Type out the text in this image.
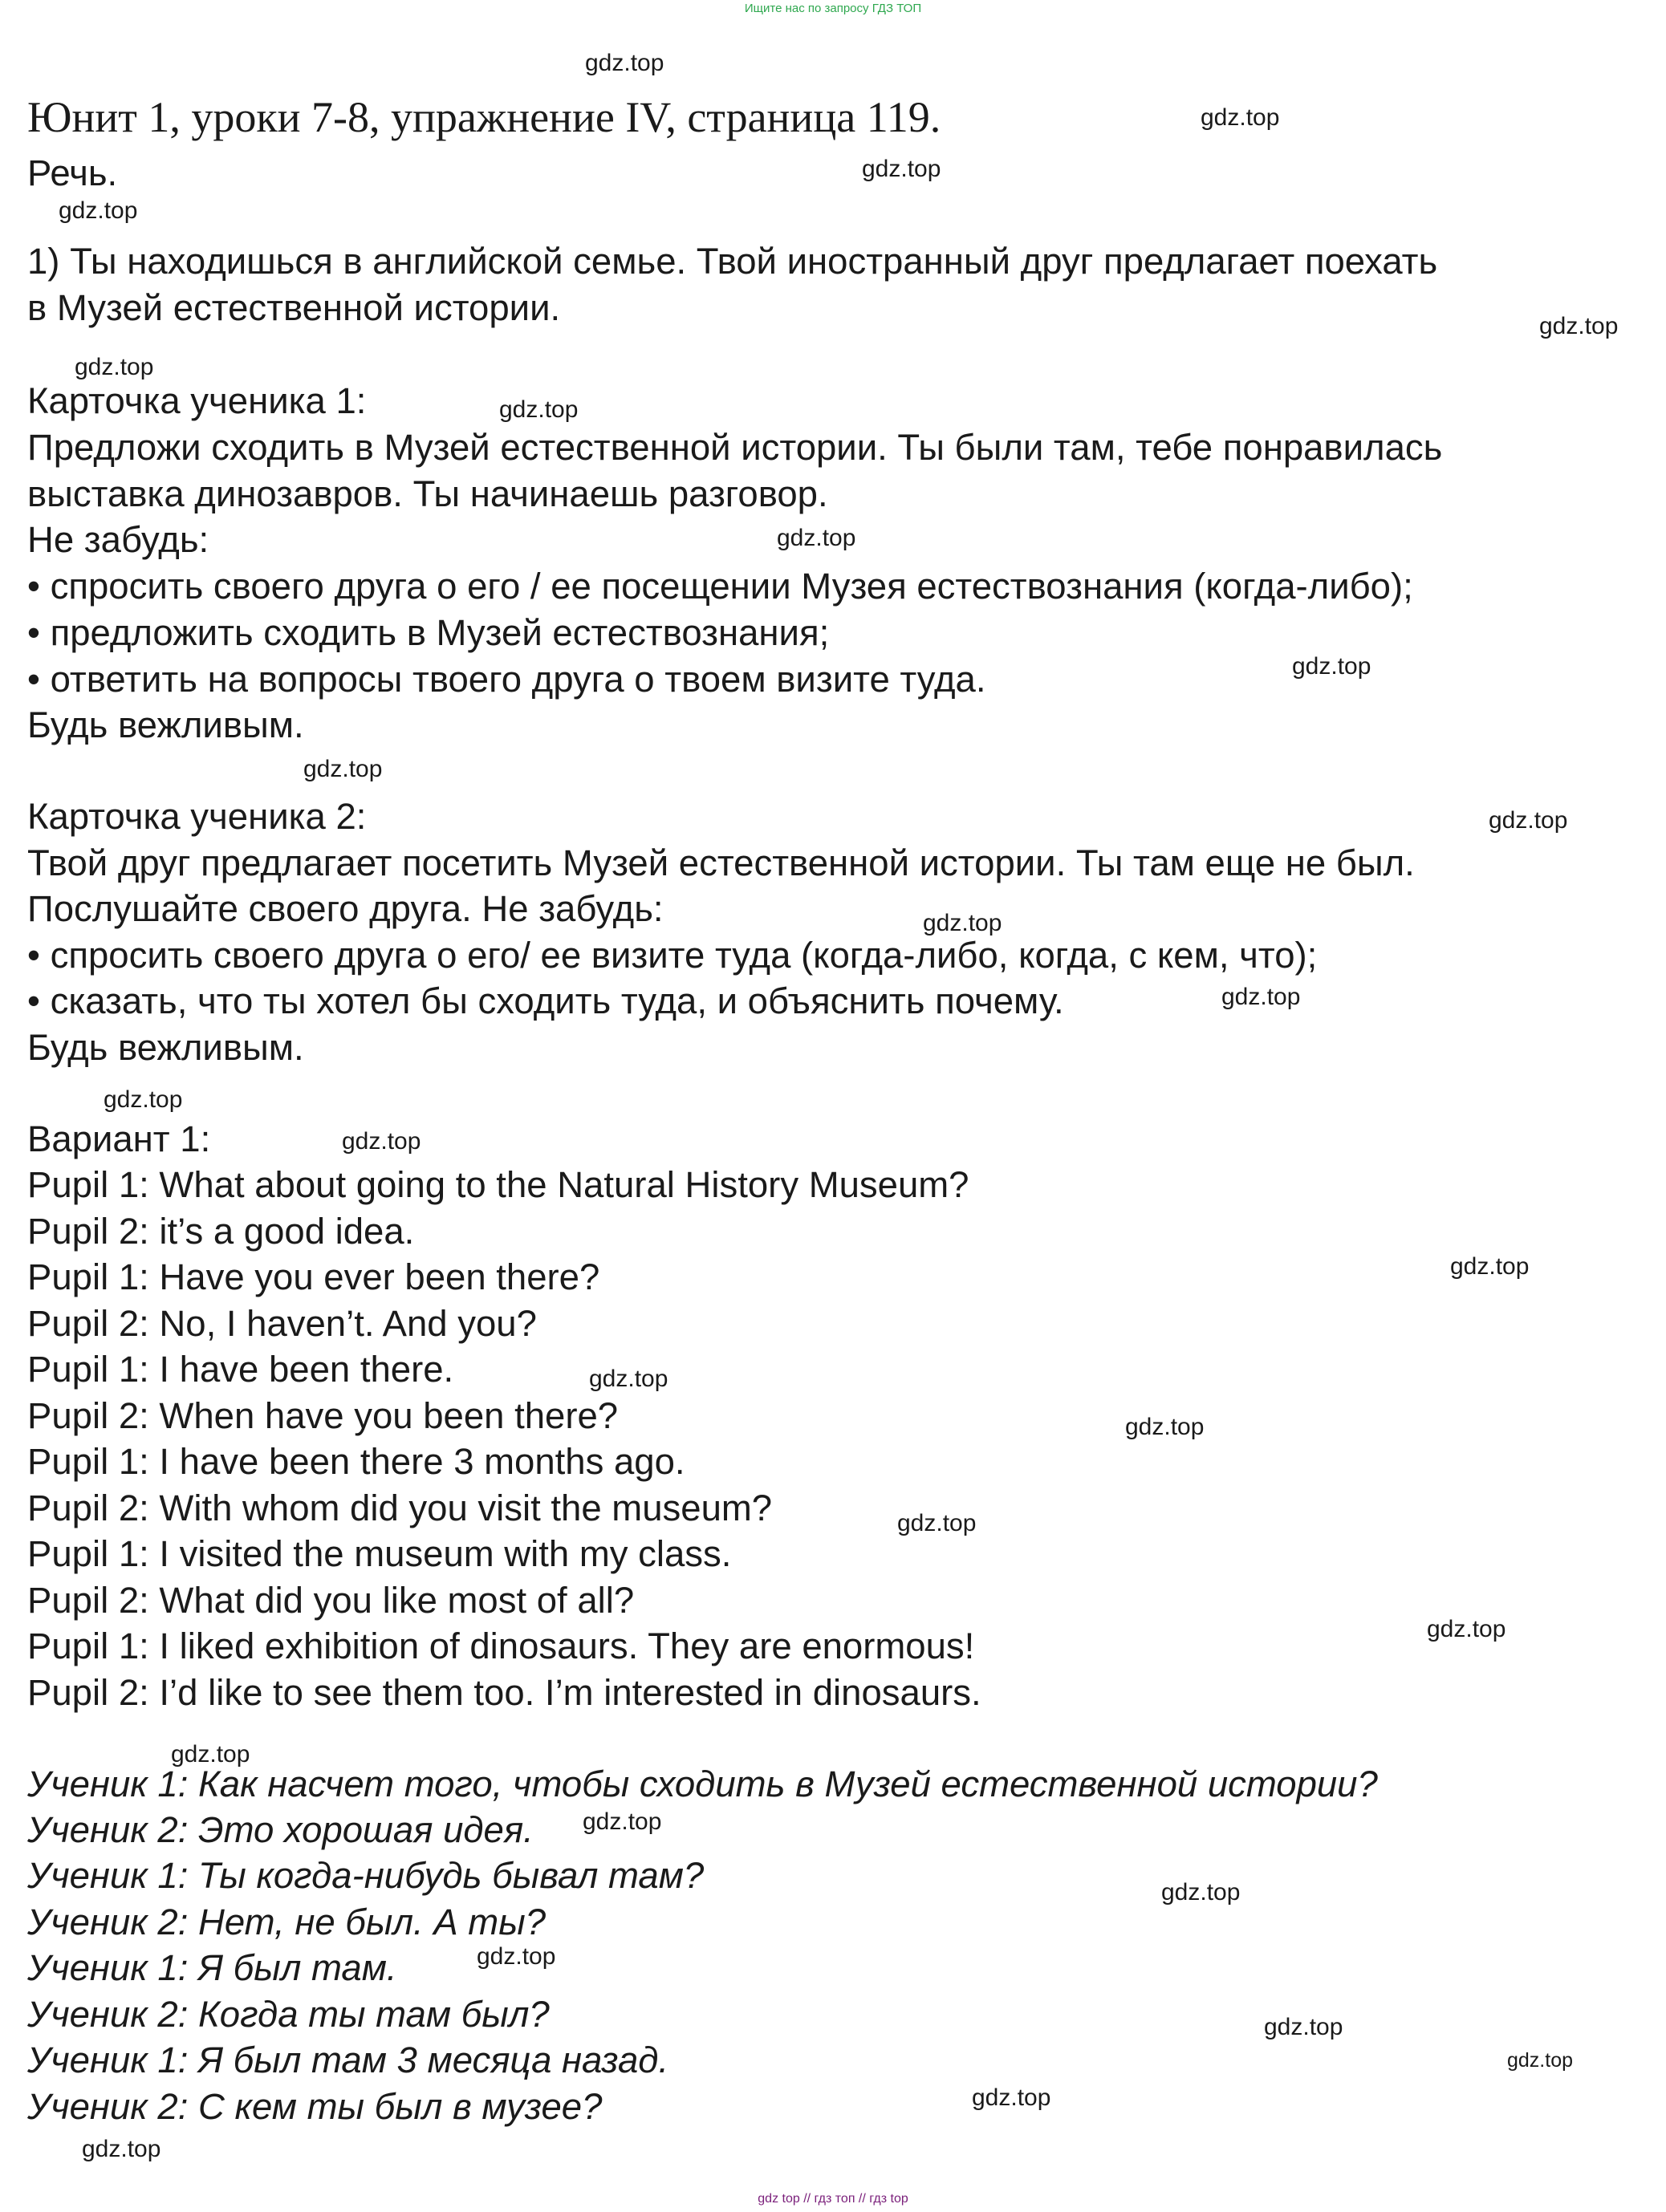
Ищите нас по запросу ГДЗ ТОП
Юнит 1, уроки 7-8, упражнение IV, страница 119.
Речь.
1) Ты находишься в английской семье. Твой иностранный друг предлагает поехать
в Музей естественной истории.
Карточка ученика 1:
Предложи сходить в Музей естественной истории. Ты были там, тебе понравилась
выставка динозавров. Ты начинаешь разговор.
Не забудь:
• спросить своего друга о его / ее посещении Музея естествознания (когда-либо);
• предложить сходить в Музей естествознания;
• ответить на вопросы твоего друга о твоем визите туда.
Будь вежливым.
Карточка ученика 2:
Твой друг предлагает посетить Музей естественной истории. Ты там еще не был.
Послушайте своего друга. Не забудь:
• спросить своего друга о его/ ее визите туда (когда-либо, когда, с кем, что);
• сказать, что ты хотел бы сходить туда, и объяснить почему.
Будь вежливым.
Вариант 1:
Pupil 1: What about going to the Natural History Museum?
Pupil 2: it’s a good idea.
Pupil 1: Have you ever been there?
Pupil 2: No, I haven’t. And you?
Pupil 1: I have been there.
Pupil 2: When have you been there?
Pupil 1: I have been there 3 months ago.
Pupil 2: With whom did you visit the museum?
Pupil 1: I visited the museum with my class.
Pupil 2: What did you like most of all?
Pupil 1: I liked exhibition of dinosaurs. They are enormous!
Pupil 2: I’d like to see them too. I’m interested in dinosaurs.
Ученик 1: Как насчет того, чтобы сходить в Музей естественной истории?
Ученик 2: Это хорошая идея.
Ученик 1: Ты когда-нибудь бывал там?
Ученик 2: Нет, не был. А ты?
Ученик 1: Я был там.
Ученик 2: Когда ты там был?
Ученик 1: Я был там 3 месяца назад.
Ученик 2: С кем ты был в музее?
gdz.top
gdz.top
gdz.top
gdz.top
gdz.top
gdz.top
gdz.top
gdz.top
gdz.top
gdz.top
gdz.top
gdz.top
gdz.top
gdz.top
gdz.top
gdz.top
gdz.top
gdz.top
gdz.top
gdz.top
gdz.top
gdz.top
gdz.top
gdz.top
gdz.top
gdz.top
gdz.top
gdz.top
gdz top // гдз топ // гдз top
